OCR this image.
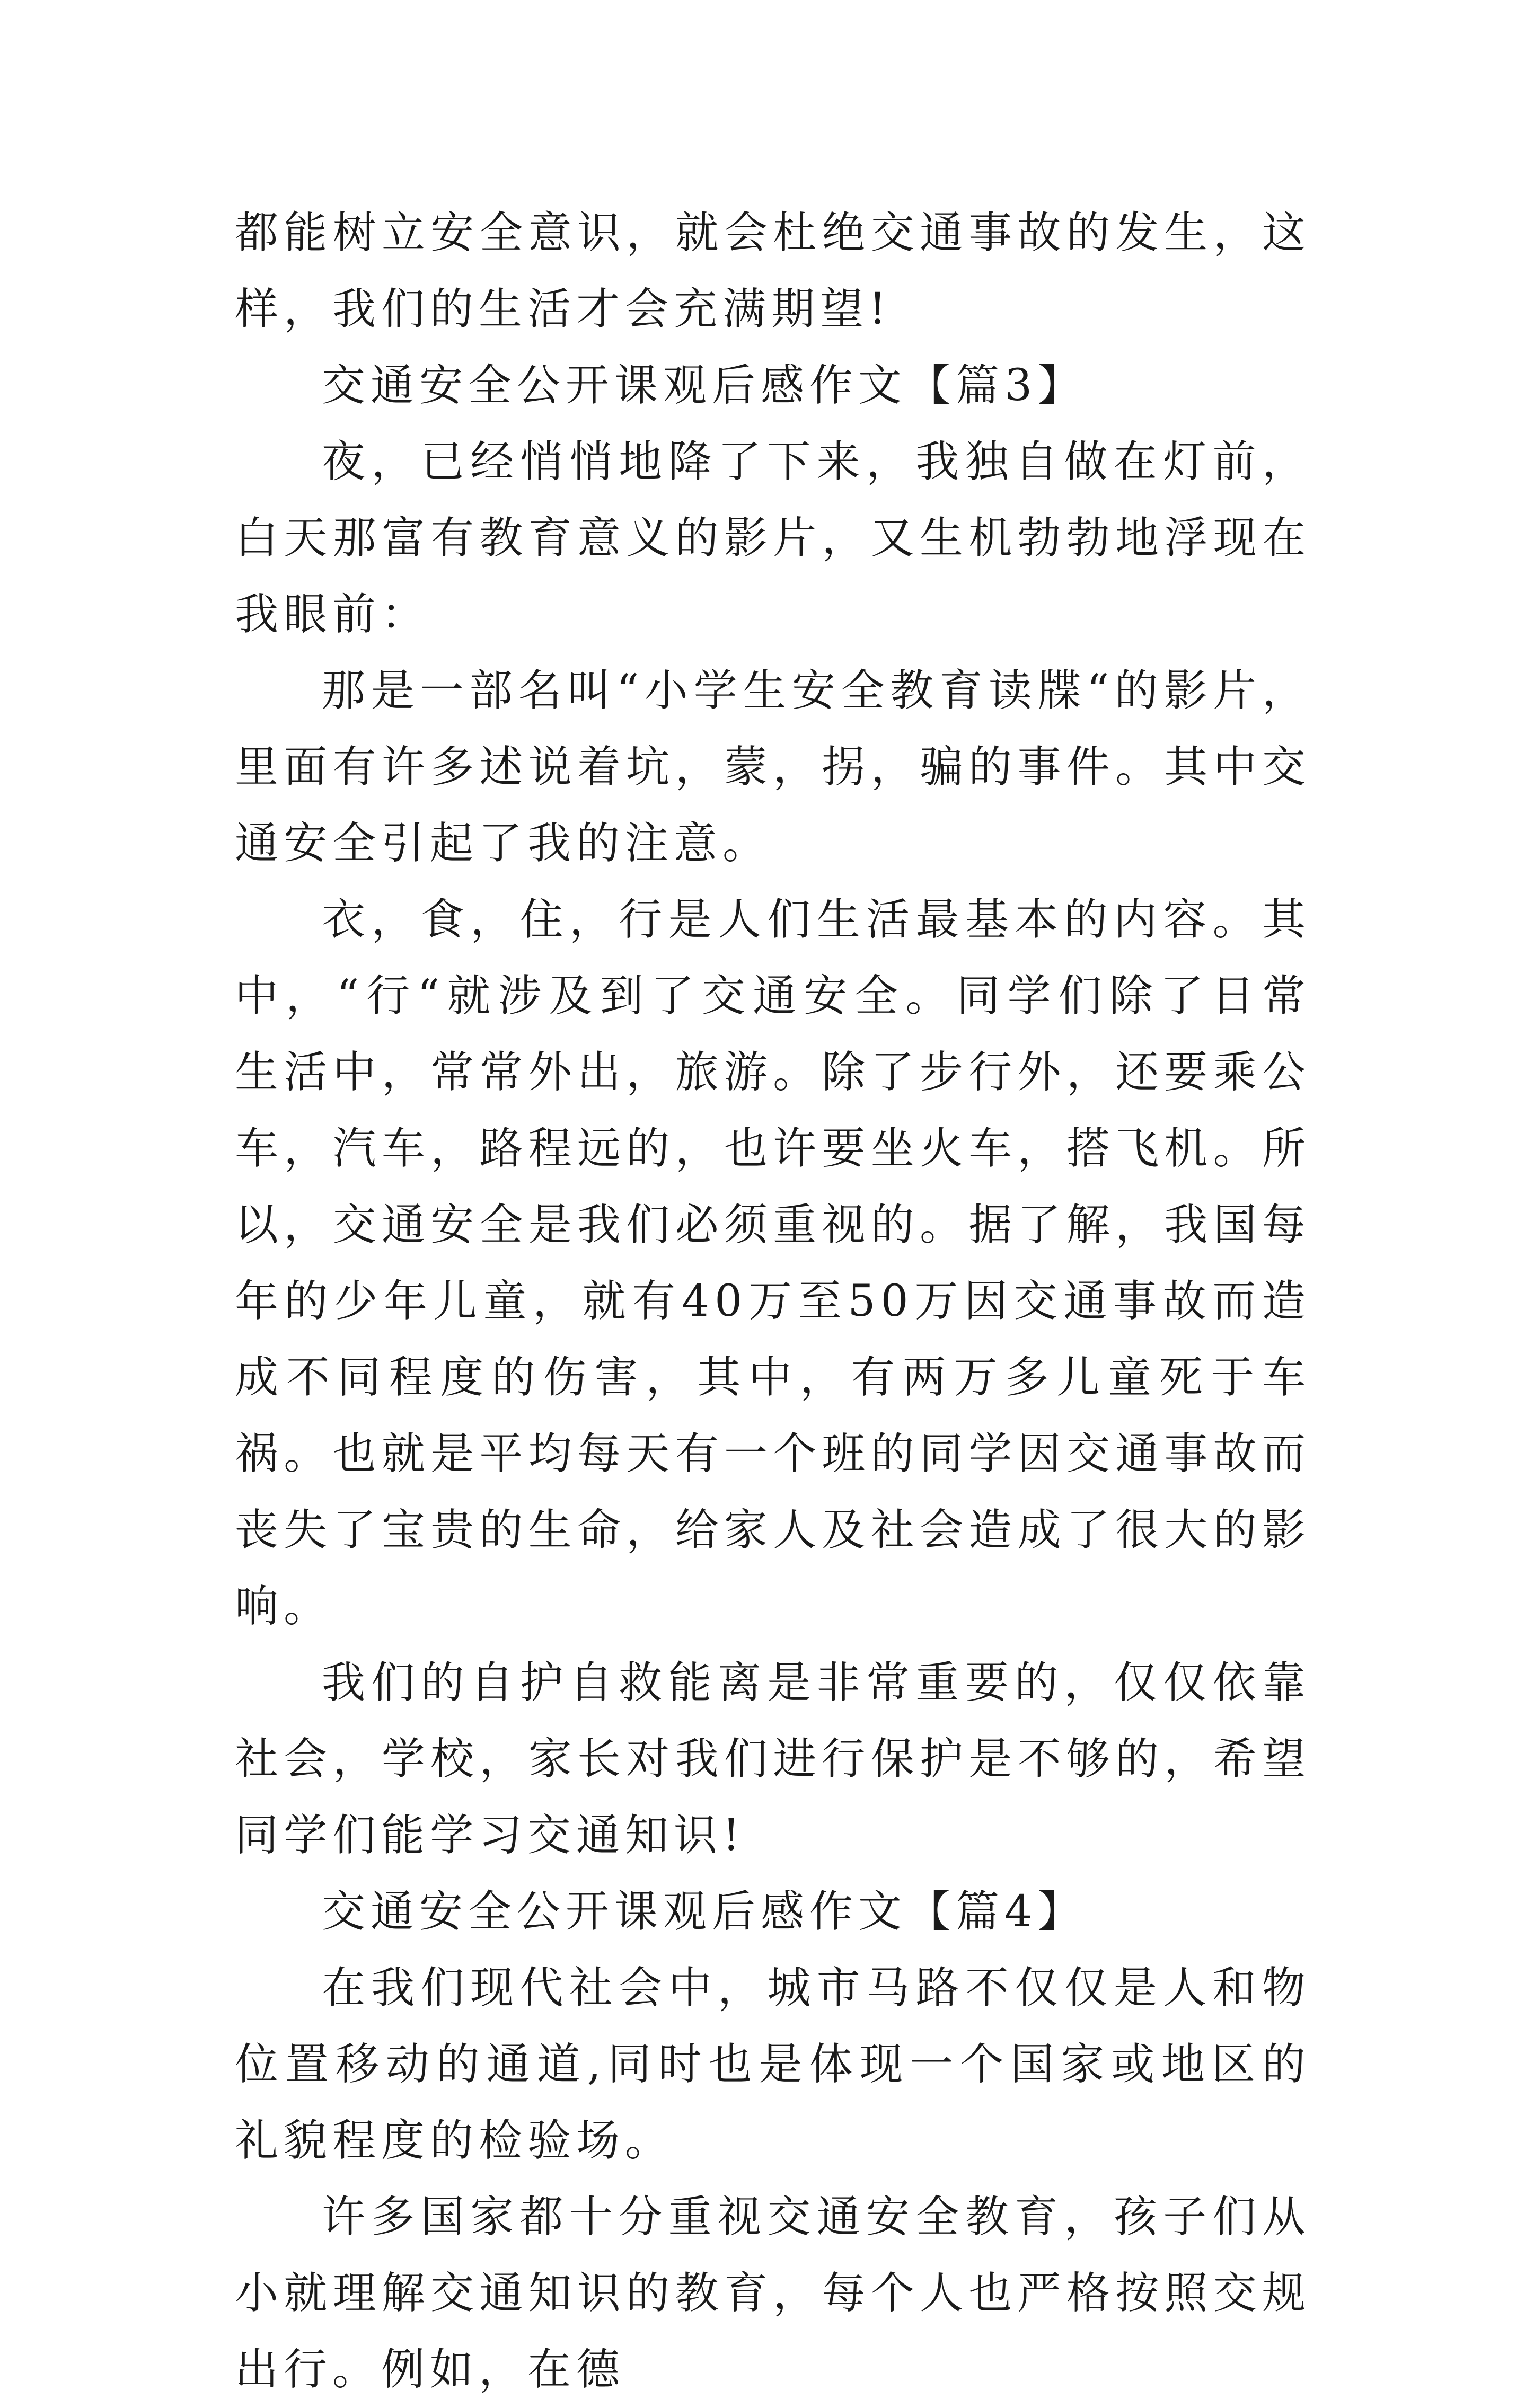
都能树立安全意识，就会杜绝交通事故的发生，这样，我们的生活才会充满期望!

交通安全公开课观后感作文【篇3】

夜，已经悄悄地降了下来，我独自做在灯前，白天那富有教育意义的影片，又生机勃勃地浮现在我眼前：

那是一部名叫“小学生安全教育读牒“的影片，里面有许多述说着坑，蒙，拐，骗的事件。其中交通安全引起了我的注意。

衣，食，住，行是人们生活最基本的内容。其中，“行“就涉及到了交通安全。同学们除了日常生活中，常常外出，旅游。除了步行外，还要乘公车，汽车，路程远的，也许要坐火车，搭飞机。所以，交通安全是我们必须重视的。据了解，我国每年的少年儿童，就有40万至50万因交通事故而造成不同程度的伤害，其中，有两万多儿童死于车祸。也就是平均每天有一个班的同学因交通事故而丧失了宝贵的生命，给家人及社会造成了很大的影响。

我们的自护自救能离是非常重要的，仅仅依靠社会，学校，家长对我们进行保护是不够的，希望同学们能学习交通知识!

交通安全公开课观后感作文【篇4】

在我们现代社会中，城市马路不仅仅是人和物位置移动的通道,同时也是体现一个国家或地区的礼貌程度的检验场。

许多国家都十分重视交通安全教育，孩子们从小就理解交通知识的教育，每个人也严格按照交规出行。例如，在德
